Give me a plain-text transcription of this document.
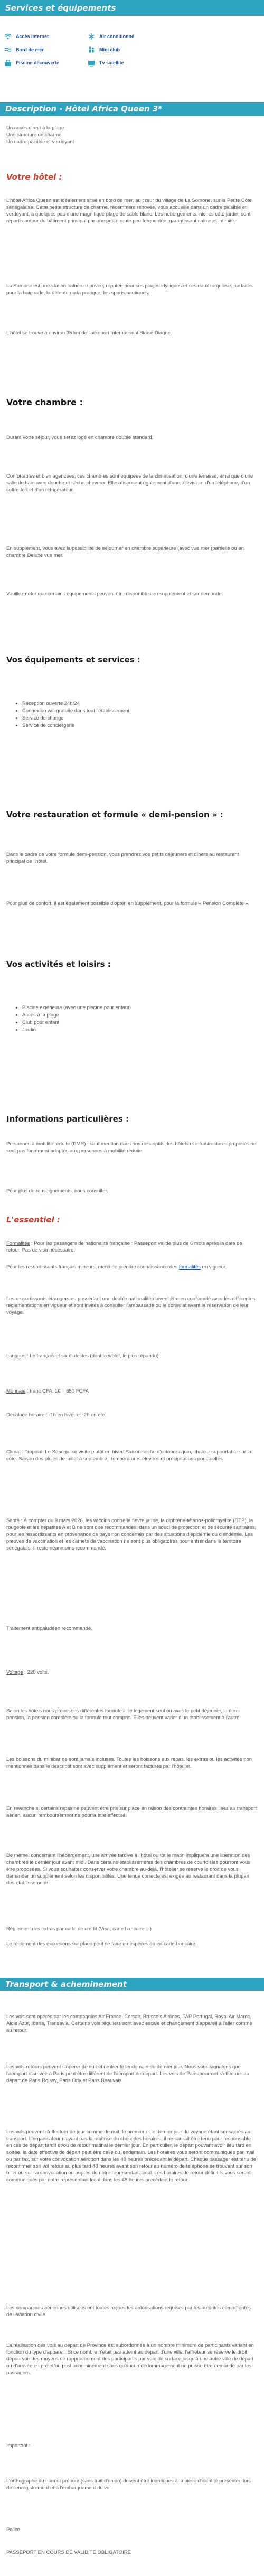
Services et équipements
Accès internet	Air conditionné
Bord de mer	Mini club
Piscine découverte	Tv satellite
Description - Hôtel Africa Queen 3*

Un accès direct à la plage

Une structure de charme

Un cadre paisible et verdoyant

Votre hôtel :
L'hôtel Africa Queen est idéalement situé en bord de mer, au cœur du village de La Somone, sur la Petite Côte sénégalaise. Cette petite structure de charme, récemment rénovée, vous accueille dans un cadre paisible et verdoyant, à quelques pas d'une magnifique plage de sable blanc. Les hébergements, nichés côté jardin, sont répartis autour du bâtiment principal par une petite route peu fréquentée, garantissant calme et intimité.
La Somone est une station balnéaire privée, réputée pour ses plages idylliques et ses eaux turquoise, parfaites pour la baignade, la détente ou la pratique des sports nautiques.
L'hôtel se trouve à environ 35 km de l'aéroport International Blaise Diagne.
Votre chambre :
Durant votre séjour, vous serez logé en chambre double standard.
Confortables et bien agencées, ces chambres sont équipées de la climatisation, d'une terrasse, ainsi que d'une salle de bain avec douche et sèche-cheveux. Elles disposent également d'une télévision, d'un téléphone, d'un coffre-fort et d'un réfrigérateur.
En supplément, vous avez la possibilité de séjourner en chambre supérieure (avec vue mer (partielle ou en chambre Deluxe vue mer.
Veuillez noter que certains équipements peuvent être disponibles en supplément et sur demande.
Vos équipements et services :
• Réception ouverte 24h/24
• Connexion wifi gratuite dans tout l'établissement
• Service de change
• Service de conciergerie
Votre restauration et formule « demi-pension » :
Dans le cadre de votre formule demi-pension, vous prendrez vos petits déjeuners et dîners au restaurant principal de l'hôtel.
Pour plus de confort, il est également possible d'opter, en supplément, pour la formule « Pension Complète ».
Vos activités et loisirs :
• Piscine extérieure (avec une piscine pour enfant)
• Accès à la plage
• Club pour enfant
• Jardin
Informations particulières :
Personnes à mobilité réduite (PMR) : sauf mention dans nos descriptifs, les hôtels et infrastructures proposés ne sont pas forcément adaptés aux personnes à mobilité réduite.
Pour plus de renseignements, nous consulter.
L'essentiel :
Formalités : Pour les passagers de nationalité française : Passeport valide plus de 6 mois après la date de retour. Pas de visa nécessaire.
Pour les ressortissants français mineurs, merci de prendre connaissance des formalités en vigueur.
Les ressortissants étrangers ou possédant une double nationalité doivent être en conformité avec les différentes réglementations en vigueur et sont invités à consulter l'ambassade ou le consulat avant la réservation de leur voyage.
Langues : Le français et six dialectes (dont le wolof, le plus répandu).
Monnaie : franc CFA. 1€ = 650 FCFA
Décalage horaire : -1h en hiver et -2h en été.
Climat : Tropical. Le Sénégal se visite plutôt en hiver. Saison sèche d'octobre à juin, chaleur supportable sur la côte. Saison des pluies de juillet à septembre : températures élevées et précipitations ponctuelles.
Santé : À compter du 9 mars 2026, les vaccins contre la fièvre jaune, la diphtérie-tétanos-poliomyélite (DTP), la rougeole et les hépatites A et B ne sont que recommandés, dans un souci de protection et de sécurité sanitaires, pour les ressortissants en provenance de pays non concernés par des situations d'épidémie ou d'endémie. Les preuves de vaccination et les carnets de vaccination ne sont plus obligatoires pour entrer dans le territoire sénégalais. Il reste néanmoins recommandé.
Traitement antipaludéen recommandé.
Voltage : 220 volts.
Selon les hôtels nous proposons différentes formules : le logement seul ou avec le petit déjeuner, la demi pension, la pension complète ou la formule tout compris. Elles peuvent varier d'un établissement à l'autre.
Les boissons du minibar ne sont jamais incluses. Toutes les boissons aux repas, les extras ou les activités non mentionnés dans le descriptif sont avec supplément et seront facturés par l'hôtelier.
En revanche si certains repas ne peuvent être pris sur place en raison des contraintes horaires liées au transport aérien, aucun remboursement ne pourra être effectué.
De même, concernant l'hébergement, une arrivée tardive à l'hôtel ou tôt le matin impliquera une libération des chambres le dernier jour avant midi. Dans certains établissements des chambres de courtoisies pourront vous être proposées. Si vous souhaitez conserver votre chambre au-delà, l'hôtelier se réserve le droit de vous demander un supplément selon les disponibilités. Une tenue correcte est exigée au restaurant dans la plupart des établissements.
Règlement des extras par carte de crédit (Visa, carte bancaire ...)
Le règlement des excursions sur place peut se faire en espèces ou en carte bancaire.
Transport & acheminement
Les vols sont opérés par les compagnies Air France, Corsair, Brussels Airlines, TAP Portugal, Royal Air Maroc, Aigle Azur, Iberia, Transavia. Certains vols réguliers sont avec escale et changement d'appareil à l'aller comme au retour.
Les vols retours peuvent s'opérer de nuit et rentrer le lendemain du dernier jour. Nous vous signalons que l'aéroport d'arrivée à Paris peut être différent de l'aéroport de départ. Les vols de Paris pourront s'effectuer au départ de Paris Roissy, Paris Orly et Paris Beauvais.
Les vols peuvent s'effectuer de jour comme de nuit, le premier et le dernier jour du voyage étant consacrés au transport. L'organisateur n'ayant pas la maîtrise du choix des horaires, il ne saurait être tenu pour responsable en cas de départ tardif et/ou de retour matinal le dernier jour. En particulier, le départ pouvant avoir lieu tard en soirée, la date effective de départ peut être celle du lendemain. Les horaires vous seront communiqués par mail ou par fax, sur votre convocation aéroport dans les 48 heures précédant le départ. Chaque passager est tenu de reconfirmer son vol retour au plus tard 48 heures avant son retour au numéro de téléphone se trouvant sur son billet ou sur sa convocation ou auprès de notre représentant local. Les horaires de retour définitifs vous seront communiqués par notre représentant local dans les 48 heures précédant le retour.
Les compagnies aériennes utilisées ont toutes reçues les autorisations requises par les autorités compétentes de l'aviation civile.
La réalisation des vols au départ de Province est subordonnée à un nombre minimum de participants variant en fonction du type d'appareil. Si ce nombre n'était pas atteint au départ d'une ville, l'affréteur se réserve le droit dépourvoir des moyens de rapprochement des participants par voie de surface jusqu'à une autre ville de départ ou d'arrivée en pré et/ou post acheminement sans qu'aucun dédommagement ne puisse être demandé par les passagers.
Important :
L'orthographe du nom et prénom (sans trait d'union) doivent être identiques à la pièce d'identité présentée lors de l'enregistrement et à l'embarquement du vol.
Police
PASSEPORT EN COURS DE VALIDITE OBLIGATOIRE
